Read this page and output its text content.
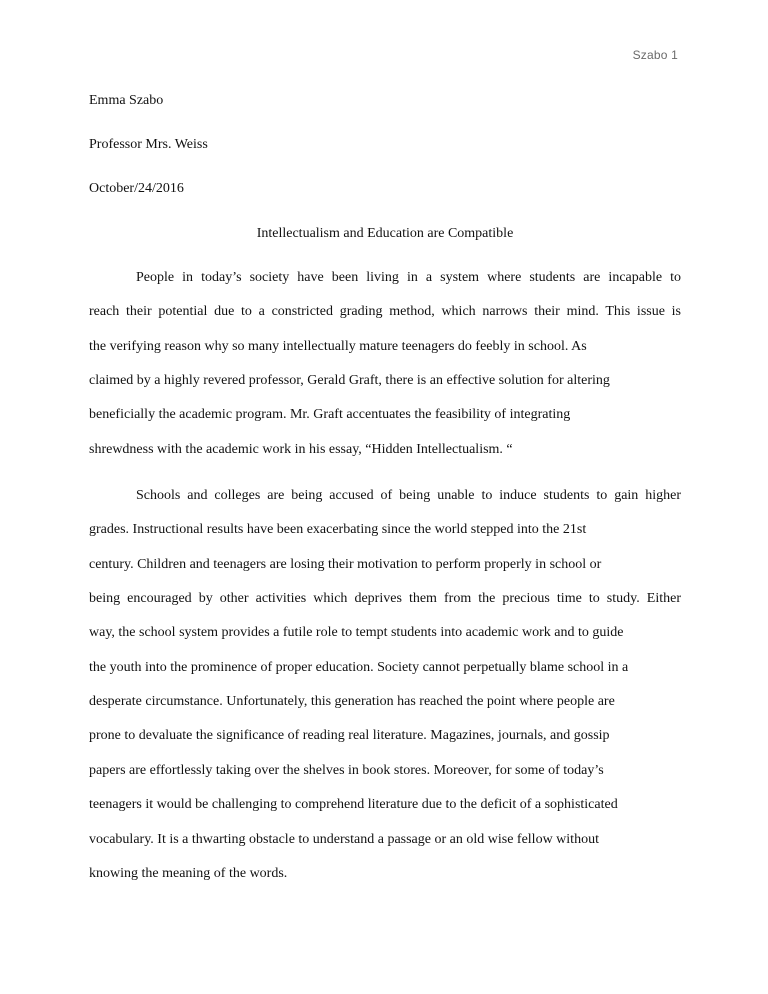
Szabo 1
Emma Szabo
Professor Mrs. Weiss
October/24/2016
Intellectualism and Education are Compatible
People in today’s society have been living in a system where students are incapable to
reach their potential due to a constricted grading method, which narrows their mind. This issue is
the verifying reason why so many intellectually mature teenagers do feebly in school. As
claimed by a highly revered professor, Gerald Graft, there is an effective solution for altering
beneficially the academic program. Mr. Graft accentuates the feasibility of integrating
shrewdness with the academic work in his essay, “Hidden Intellectualism. “
Schools and colleges are being accused of being unable to induce students to gain higher
grades. Instructional results have been exacerbating since the world stepped into the 21st
century. Children and teenagers are losing their motivation to perform properly in school or
being encouraged by other activities which deprives them from the precious time to study. Either
way, the school system provides a futile role to tempt students into academic work and to guide
the youth into the prominence of proper education. Society cannot perpetually blame school in a
desperate circumstance. Unfortunately, this generation has reached the point where people are
prone to devaluate the significance of reading real literature. Magazines, journals, and gossip
papers are effortlessly taking over the shelves in book stores. Moreover, for some of today’s
teenagers it would be challenging to comprehend literature due to the deficit of a sophisticated
vocabulary. It is a thwarting obstacle to understand a passage or an old wise fellow without
knowing the meaning of the words.
